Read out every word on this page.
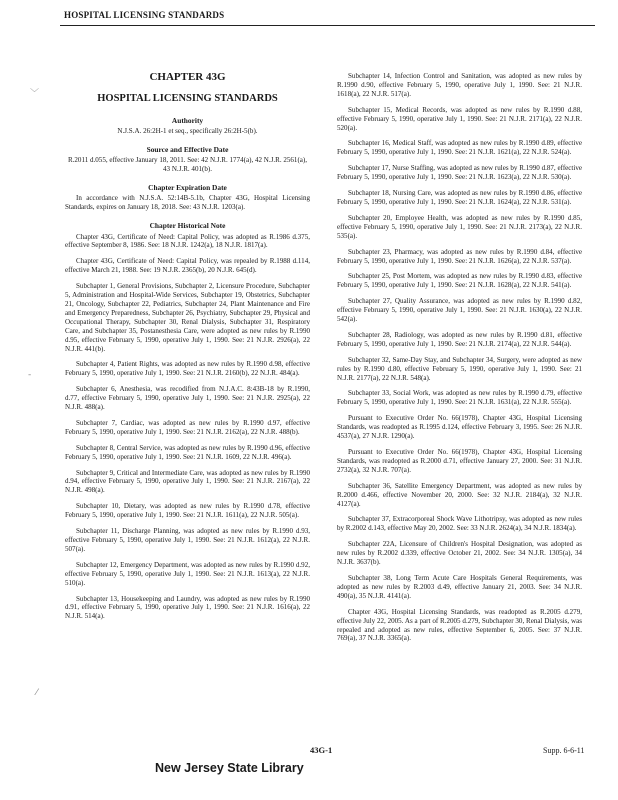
HOSPITAL LICENSING STANDARDS
﹀
‐
⁄
CHAPTER 43G
HOSPITAL LICENSING STANDARDS
Authority
N.J.S.A. 26:2H-1 et seq., specifically 26:2H-5(b).
Source and Effective Date
R.2011 d.055, effective January 18, 2011. See: 42 N.J.R. 1774(a), 42 N.J.R. 2561(a), 43 N.J.R. 401(b).
Chapter Expiration Date
In accordance with N.J.S.A. 52:14B-5.1b, Chapter 43G, Hospital Licensing Standards, expires on January 18, 2018. See: 43 N.J.R. 1203(a).
Chapter Historical Note

Chapter 43G, Certificate of Need: Capital Policy, was adopted as R.1986 d.375, effective September 8, 1986. See: 18 N.J.R. 1242(a), 18 N.J.R. 1817(a).

Chapter 43G, Certificate of Need: Capital Policy, was repealed by R.1988 d.114, effective March 21, 1988. See: 19 N.J.R. 2365(b), 20 N.J.R. 645(d).

Subchapter 1, General Provisions, Subchapter 2, Licensure Procedure, Subchapter 5, Administration and Hospital-Wide Services, Subchapter 19, Obstetrics, Subchapter 21, Oncology, Subchapter 22, Pediatrics, Subchapter 24, Plant Maintenance and Fire and Emergency Preparedness, Subchapter 26, Psychiatry, Subchapter 29, Physical and Occupational Therapy, Subchapter 30, Renal Dialysis, Subchapter 31, Respiratory Care, and Subchapter 35, Postanesthesia Care, were adopted as new rules by R.1990 d.95, effective February 5, 1990, operative July 1, 1990. See: 21 N.J.R. 2926(a), 22 N.J.R. 441(b).

Subchapter 4, Patient Rights, was adopted as new rules by R.1990 d.98, effective February 5, 1990, operative July 1, 1990. See: 21 N.J.R. 2160(b), 22 N.J.R. 484(a).

Subchapter 6, Anesthesia, was recodified from N.J.A.C. 8:43B-18 by R.1990, d.77, effective February 5, 1990, operative July 1, 1990. See: 21 N.J.R. 2925(a), 22 N.J.R. 488(a).

Subchapter 7, Cardiac, was adopted as new rules by R.1990 d.97, effective February 5, 1990, operative July 1, 1990. See: 21 N.J.R. 2162(a), 22 N.J.R. 488(b).

Subchapter 8, Central Service, was adopted as new rules by R.1990 d.96, effective February 5, 1990, operative July 1, 1990. See: 21 N.J.R. 1609, 22 N.J.R. 496(a).

Subchapter 9, Critical and Intermediate Care, was adopted as new rules by R.1990 d.94, effective February 5, 1990, operative July 1, 1990. See: 21 N.J.R. 2167(a), 22 N.J.R. 498(a).

Subchapter 10, Dietary, was adopted as new rules by R.1990 d.78, effective February 5, 1990, operative July 1, 1990. See: 21 N.J.R. 1611(a), 22 N.J.R. 505(a).

Subchapter 11, Discharge Planning, was adopted as new rules by R.1990 d.93, effective February 5, 1990, operative July 1, 1990. See: 21 N.J.R. 1612(a), 22 N.J.R. 507(a).

Subchapter 12, Emergency Department, was adopted as new rules by R.1990 d.92, effective February 5, 1990, operative July 1, 1990. See: 21 N.J.R. 1613(a), 22 N.J.R. 510(a).

Subchapter 13, Housekeeping and Laundry, was adopted as new rules by R.1990 d.91, effective February 5, 1990, operative July 1, 1990. See: 21 N.J.R. 1616(a), 22 N.J.R. 514(a).

Subchapter 14, Infection Control and Sanitation, was adopted as new rules by R.1990 d.90, effective February 5, 1990, operative July 1, 1990. See: 21 N.J.R. 1618(a), 22 N.J.R. 517(a).

Subchapter 15, Medical Records, was adopted as new rules by R.1990 d.88, effective February 5, 1990, operative July 1, 1990. See: 21 N.J.R. 2171(a), 22 N.J.R. 520(a).

Subchapter 16, Medical Staff, was adopted as new rules by R.1990 d.89, effective February 5, 1990, operative July 1, 1990. See: 21 N.J.R. 1621(a), 22 N.J.R. 524(a).

Subchapter 17, Nurse Staffing, was adopted as new rules by R.1990 d.87, effective February 5, 1990, operative July 1, 1990. See: 21 N.J.R. 1623(a), 22 N.J.R. 530(a).

Subchapter 18, Nursing Care, was adopted as new rules by R.1990 d.86, effective February 5, 1990, operative July 1, 1990. See: 21 N.J.R. 1624(a), 22 N.J.R. 531(a).

Subchapter 20, Employee Health, was adopted as new rules by R.1990 d.85, effective February 5, 1990, operative July 1, 1990. See: 21 N.J.R. 2173(a), 22 N.J.R. 535(a).

Subchapter 23, Pharmacy, was adopted as new rules by R.1990 d.84, effective February 5, 1990, operative July 1, 1990. See: 21 N.J.R. 1626(a), 22 N.J.R. 537(a).

Subchapter 25, Post Mortem, was adopted as new rules by R.1990 d.83, effective February 5, 1990, operative July 1, 1990. See: 21 N.J.R. 1628(a), 22 N.J.R. 541(a).

Subchapter 27, Quality Assurance, was adopted as new rules by R.1990 d.82, effective February 5, 1990, operative July 1, 1990. See: 21 N.J.R. 1630(a), 22 N.J.R. 542(a).

Subchapter 28, Radiology, was adopted as new rules by R.1990 d.81, effective February 5, 1990, operative July 1, 1990. See: 21 N.J.R. 2174(a), 22 N.J.R. 544(a).

Subchapter 32, Same-Day Stay, and Subchapter 34, Surgery, were adopted as new rules by R.1990 d.80, effective February 5, 1990, operative July 1, 1990. See: 21 N.J.R. 2177(a), 22 N.J.R. 548(a).

Subchapter 33, Social Work, was adopted as new rules by R.1990 d.79, effective February 5, 1990, operative July 1, 1990. See: 21 N.J.R. 1631(a), 22 N.J.R. 555(a).

Pursuant to Executive Order No. 66(1978), Chapter 43G, Hospital Licensing Standards, was readopted as R.1995 d.124, effective February 3, 1995. See: 26 N.J.R. 4537(a), 27 N.J.R. 1290(a).

Pursuant to Executive Order No. 66(1978), Chapter 43G, Hospital Licensing Standards, was readopted as R.2000 d.71, effective January 27, 2000. See: 31 N.J.R. 2732(a), 32 N.J.R. 707(a).

Subchapter 36, Satellite Emergency Department, was adopted as new rules by R.2000 d.466, effective November 20, 2000. See: 32 N.J.R. 2184(a), 32 N.J.R. 4127(a).

Subchapter 37, Extracorporeal Shock Wave Lithotripsy, was adopted as new rules by R.2002 d.143, effective May 20, 2002. See: 33 N.J.R. 2624(a), 34 N.J.R. 1834(a).

Subchapter 22A, Licensure of Children's Hospital Designation, was adopted as new rules by R.2002 d.339, effective October 21, 2002. See: 34 N.J.R. 1305(a), 34 N.J.R. 3637(b).

Subchapter 38, Long Term Acute Care Hospitals General Requirements, was adopted as new rules by R.2003 d.49, effective January 21, 2003. See: 34 N.J.R. 490(a), 35 N.J.R. 4141(a).

Chapter 43G, Hospital Licensing Standards, was readopted as R.2005 d.279, effective July 22, 2005. As a part of R.2005 d.279, Subchapter 30, Renal Dialysis, was repealed and adopted as new rules, effective September 6, 2005. See: 37 N.J.R. 769(a), 37 N.J.R. 3365(a).

43G-1	Supp. 6-6-11
New Jersey State Library
